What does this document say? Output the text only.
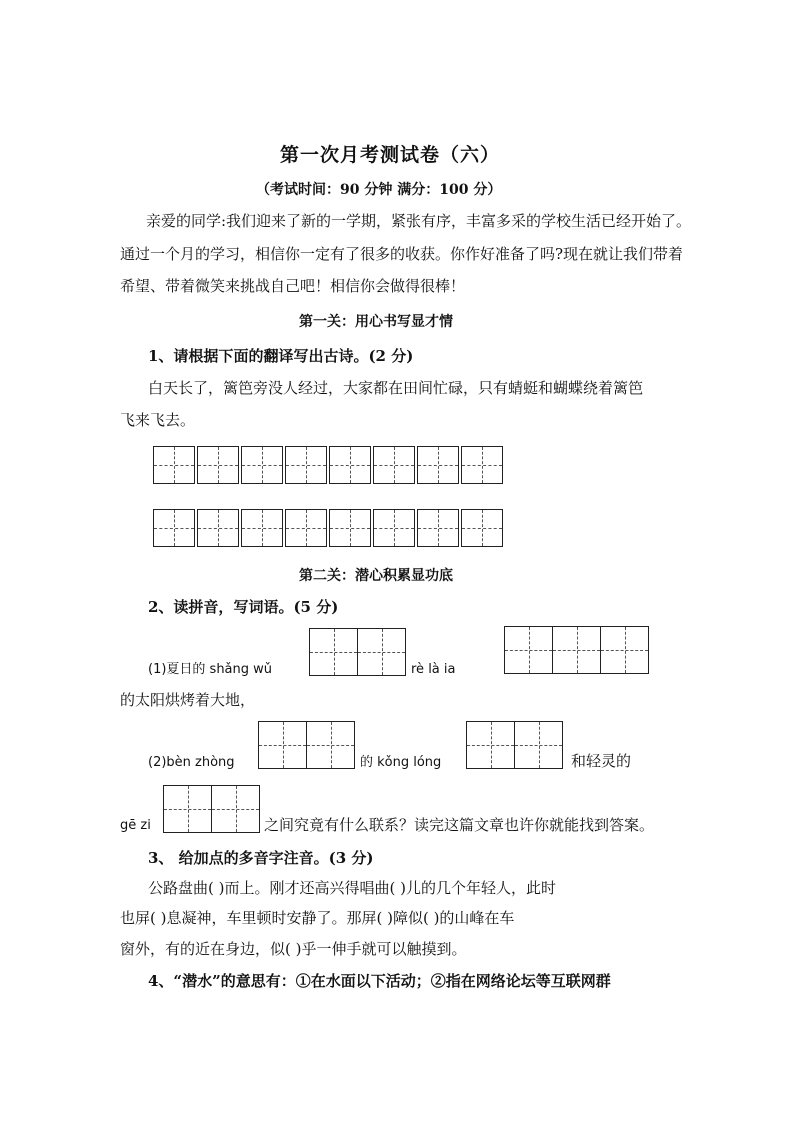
第一次月考测试卷（六）
（考试时间：90 分钟 满分：100 分）
亲爱的同学:我们迎来了新的一学期，紧张有序，丰富多采的学校生活已经开始了。
通过一个月的学习，相信你一定有了很多的收获。你作好准备了吗?现在就让我们带着
希望、带着微笑来挑战自己吧！相信你会做得很棒！
第一关：用心书写显才情
1、请根据下面的翻译写出古诗。(2 分)
白天长了，篱笆旁没人经过，大家都在田间忙碌，只有蜻蜓和蝴蝶绕着篱笆
飞来飞去。
第二关：潜心积累显功底
2、读拼音，写词语。(5 分)
(1)夏日的 shǎng wǔ	rè là ia
的太阳烘烤着大地，
(2)bèn zhòng	的 kǒng lóng	和轻灵的
gē zi	之间究竟有什么联系？读完这篇文章也许你就能找到答案。
3、 给加点的多音字注音。(3 分)
公路盘曲( )而上。刚才还高兴得唱曲( )儿的几个年轻人，此时
也屏( )息凝神，车里顿时安静了。那屏( )障似( )的山峰在车
窗外，有的近在身边，似( )乎一伸手就可以触摸到。
4、“潜水”的意思有：①在水面以下活动；②指在网络论坛等互联网群
